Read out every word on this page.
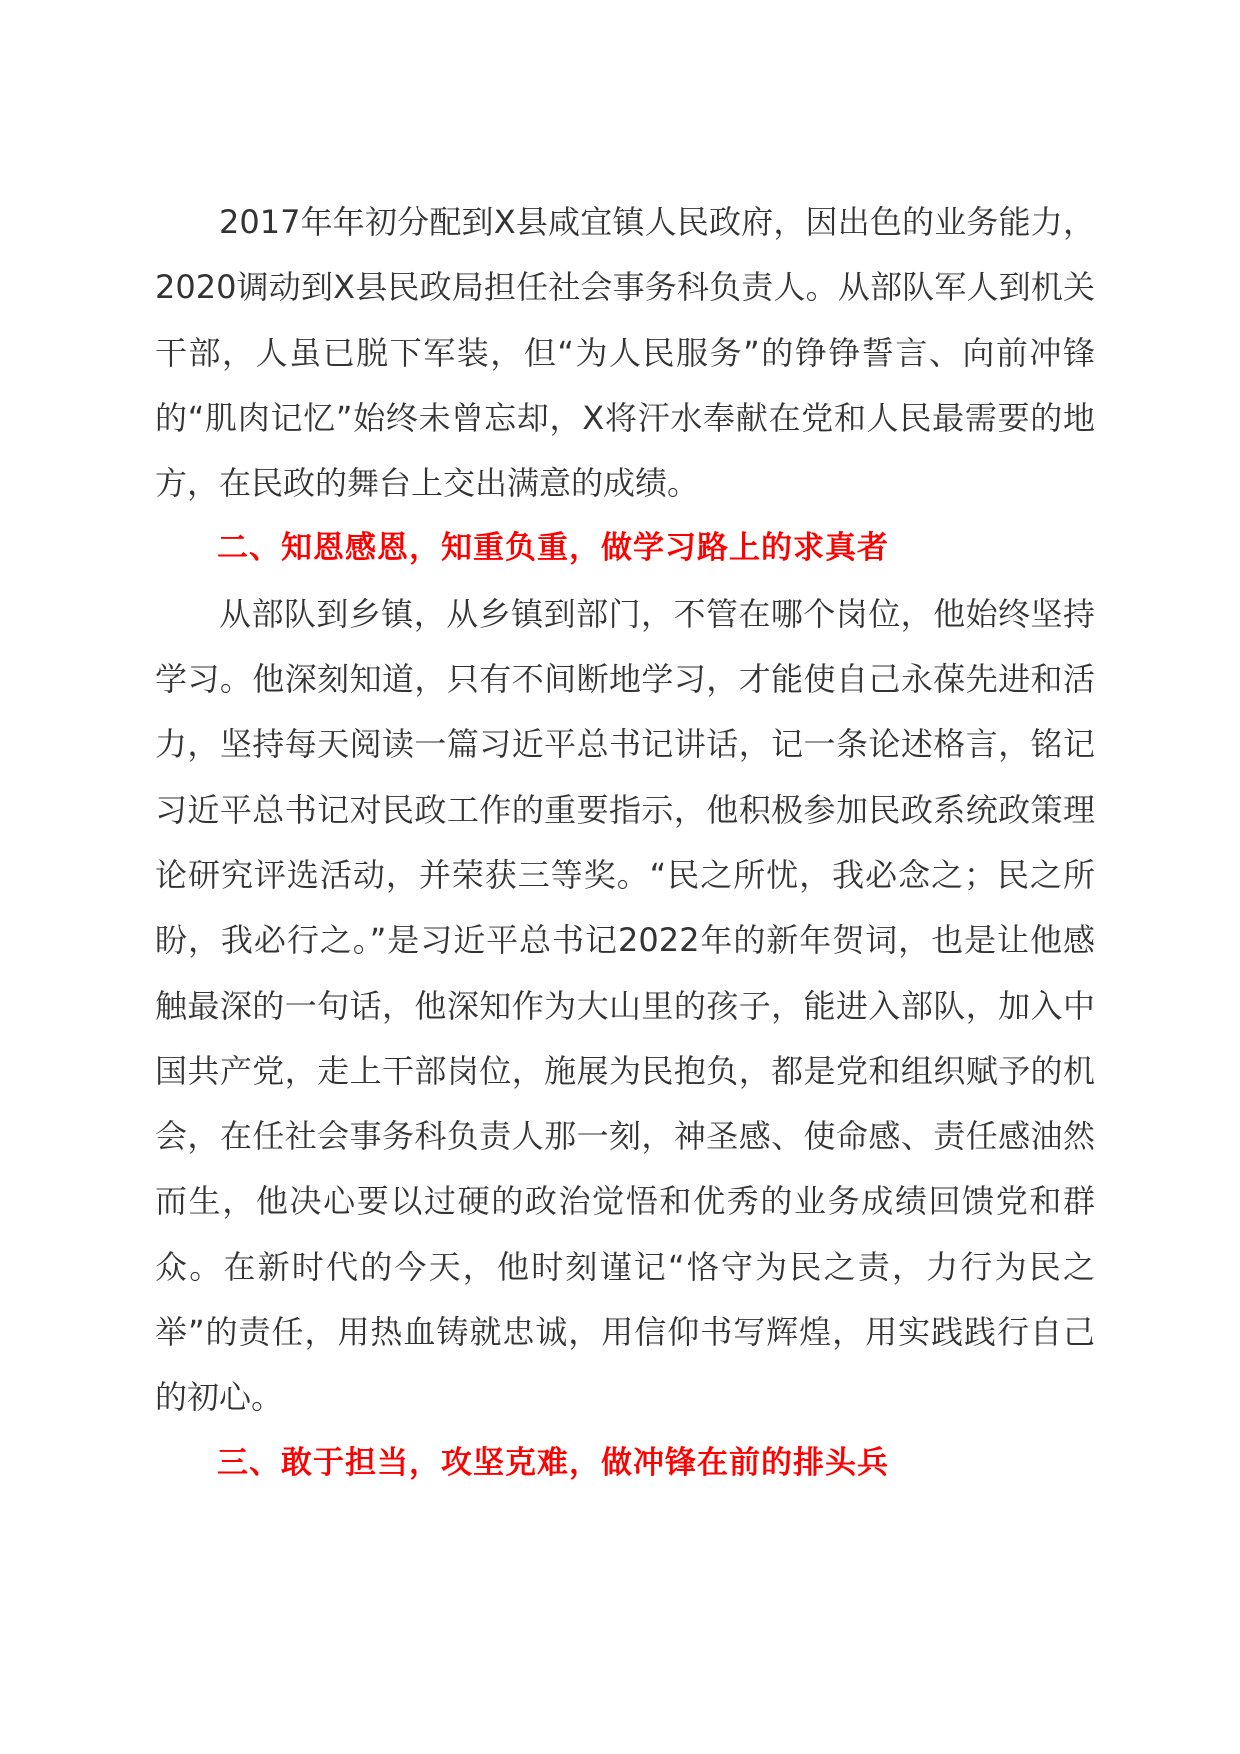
2017年年初分配到X县咸宜镇人民政府，因出色的业务能力，2020调动到X县民政局担任社会事务科负责人。从部队军人到机关干部，人虽已脱下军装，但“为人民服务”的铮铮誓言、向前冲锋的“肌肉记忆”始终未曾忘却，X将汗水奉献在党和人民最需要的地方，在民政的舞台上交出满意的成绩。

二、知恩感恩，知重负重，做学习路上的求真者

从部队到乡镇，从乡镇到部门，不管在哪个岗位，他始终坚持学习。他深刻知道，只有不间断地学习，才能使自己永葆先进和活力，坚持每天阅读一篇习近平总书记讲话，记一条论述格言，铭记习近平总书记对民政工作的重要指示，他积极参加民政系统政策理论研究评选活动，并荣获三等奖。“民之所忧，我必念之；民之所盼，我必行之。”是习近平总书记2022年的新年贺词，也是让他感触最深的一句话，他深知作为大山里的孩子，能进入部队，加入中国共产党，走上干部岗位，施展为民抱负，都是党和组织赋予的机会，在任社会事务科负责人那一刻，神圣感、使命感、责任感油然而生，他决心要以过硬的政治觉悟和优秀的业务成绩回馈党和群众。在新时代的今天，他时刻谨记“恪守为民之责，力行为民之举”的责任，用热血铸就忠诚，用信仰书写辉煌，用实践践行自己的初心。

三、敢于担当，攻坚克难，做冲锋在前的排头兵
